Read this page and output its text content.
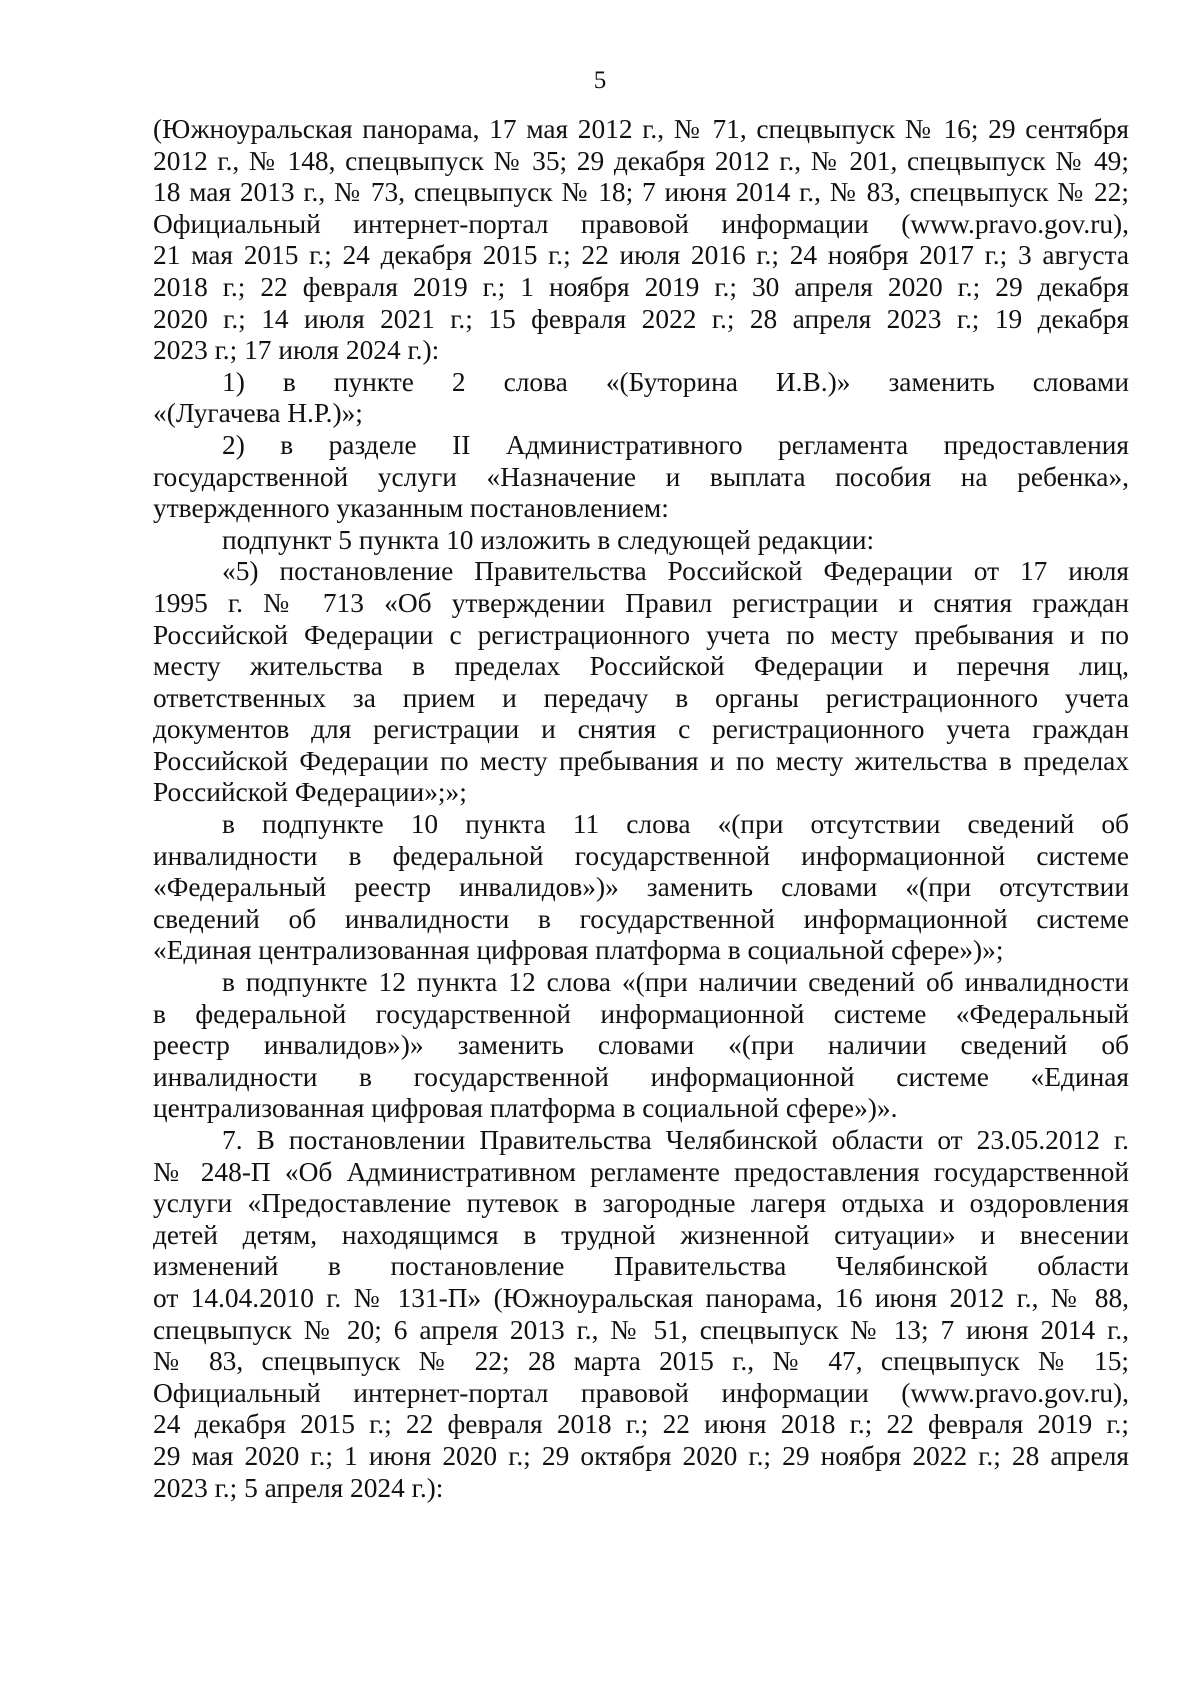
5
(Южноуральская панорама, 17 мая 2012 г., № 71, спецвыпуск № 16; 29 сентября
2012 г., № 148, спецвыпуск № 35; 29 декабря 2012 г., № 201, спецвыпуск № 49;
18 мая 2013 г., № 73, спецвыпуск № 18; 7 июня 2014 г., № 83, спецвыпуск № 22;
Официальный интернет-портал правовой информации (www.pravo.gov.ru),
21 мая 2015 г.; 24 декабря 2015 г.; 22 июля 2016 г.; 24 ноября 2017 г.; 3 августа
2018 г.; 22 февраля 2019 г.; 1 ноября 2019 г.; 30 апреля 2020 г.; 29 декабря
2020 г.; 14 июля 2021 г.; 15 февраля 2022 г.; 28 апреля 2023 г.; 19 декабря
2023 г.; 17 июля 2024 г.):
1) в пункте 2 слова «(Буторина И.В.)» заменить словами
«(Лугачева Н.Р.)»;
2) в разделе II Административного регламента предоставления
государственной услуги «Назначение и выплата пособия на ребенка»,
утвержденного указанным постановлением:
подпункт 5 пункта 10 изложить в следующей редакции:
«5) постановление Правительства Российской Федерации от 17 июля
1995 г. № 713 «Об утверждении Правил регистрации и снятия граждан
Российской Федерации с регистрационного учета по месту пребывания и по
месту жительства в пределах Российской Федерации и перечня лиц,
ответственных за прием и передачу в органы регистрационного учета
документов для регистрации и снятия с регистрационного учета граждан
Российской Федерации по месту пребывания и по месту жительства в пределах
Российской Федерации»;»;
в подпункте 10 пункта 11 слова «(при отсутствии сведений об
инвалидности в федеральной государственной информационной системе
«Федеральный реестр инвалидов»)» заменить словами «(при отсутствии
сведений об инвалидности в государственной информационной системе
«Единая централизованная цифровая платформа в социальной сфере»)»;
в подпункте 12 пункта 12 слова «(при наличии сведений об инвалидности
в федеральной государственной информационной системе «Федеральный
реестр инвалидов»)» заменить словами «(при наличии сведений об
инвалидности в государственной информационной системе «Единая
централизованная цифровая платформа в социальной сфере»)».
7. В постановлении Правительства Челябинской области от 23.05.2012 г.
№ 248-П «Об Административном регламенте предоставления государственной
услуги «Предоставление путевок в загородные лагеря отдыха и оздоровления
детей детям, находящимся в трудной жизненной ситуации» и внесении
изменений в постановление Правительства Челябинской области
от 14.04.2010 г. № 131-П» (Южноуральская панорама, 16 июня 2012 г., № 88,
спецвыпуск № 20; 6 апреля 2013 г., № 51, спецвыпуск № 13; 7 июня 2014 г.,
№ 83, спецвыпуск № 22; 28 марта 2015 г., № 47, спецвыпуск № 15;
Официальный интернет-портал правовой информации (www.pravo.gov.ru),
24 декабря 2015 г.; 22 февраля 2018 г.; 22 июня 2018 г.; 22 февраля 2019 г.;
29 мая 2020 г.; 1 июня 2020 г.; 29 октября 2020 г.; 29 ноября 2022 г.; 28 апреля
2023 г.; 5 апреля 2024 г.):
